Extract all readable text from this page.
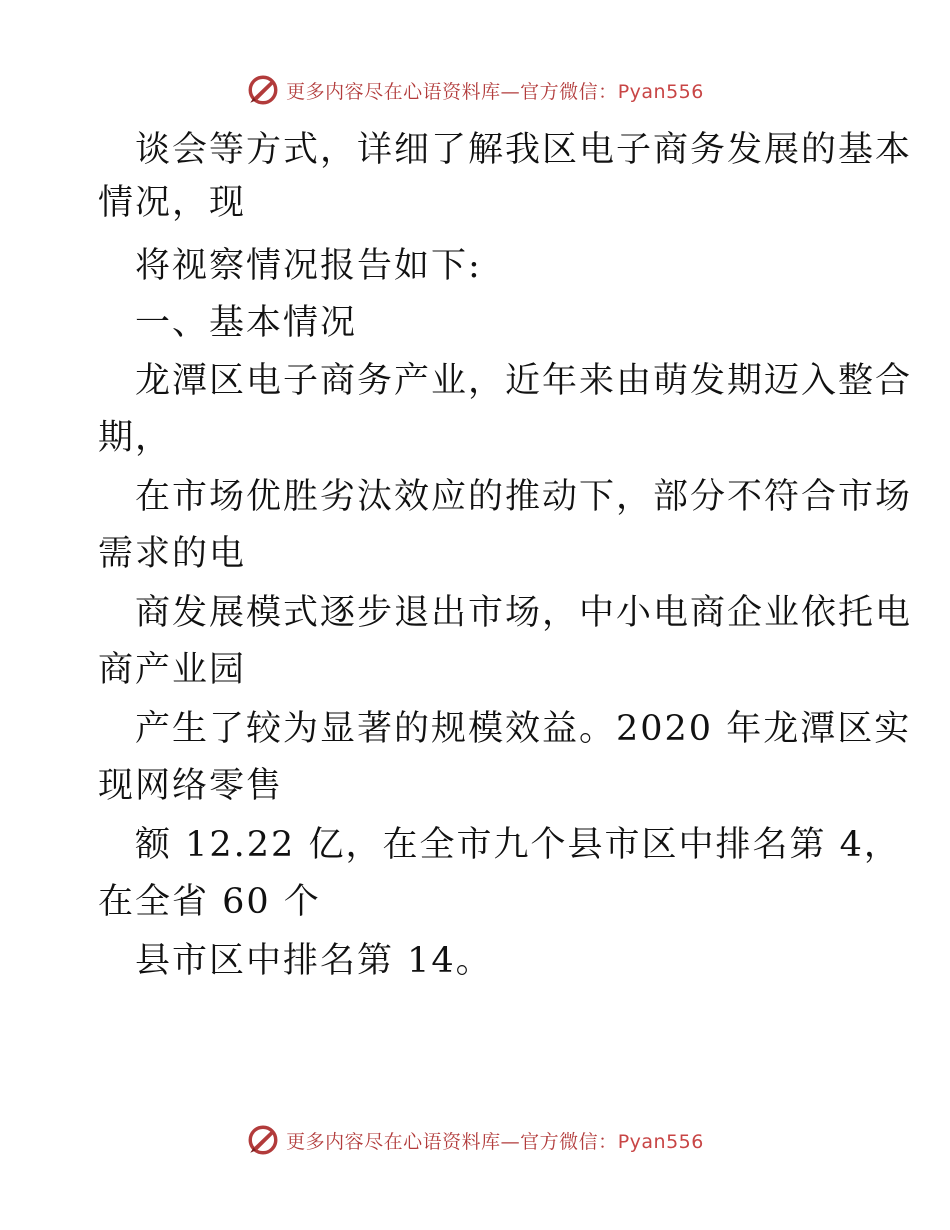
更多内容尽在心语资料库—官方微信：Pyan556
谈会等方式，详细了解我区电子商务发展的基本
情况，现
将视察情况报告如下:
一、基本情况
龙潭区电子商务产业，近年来由萌发期迈入整合
期，
在市场优胜劣汰效应的推动下，部分不符合市场
需求的电
商发展模式逐步退出市场，中小电商企业依托电
商产业园
产生了较为显著的规模效益。2020 年龙潭区实
现网络零售
额 12.22 亿，在全市九个县市区中排名第 4，
在全省 60 个
县市区中排名第 14。
更多内容尽在心语资料库—官方微信：Pyan556
